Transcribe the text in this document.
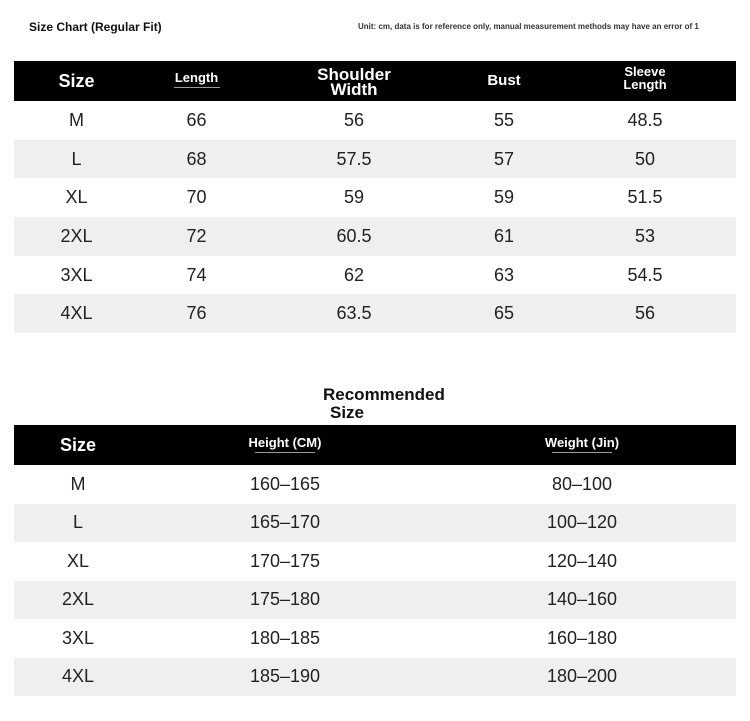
Size Chart (Regular Fit)	Unit: cm, data is for reference only, manual measurement methods may have an error of 1
Size	Length	Shoulder Width	Bust	Sleeve Length
M	66	56	55	48.5
L	68	57.5	57	50
XL	70	59	59	51.5
2XL	72	60.5	61	53
3XL	74	62	63	54.5
4XL	76	63.5	65	56
Recommended
Size
Size	Height (CM)	Weight (Jin)

M	160–165	80–100
L	165–170	100–120
XL	170–175	120–140
2XL	175–180	140–160
3XL	180–185	160–180
4XL	185–190	180–200
